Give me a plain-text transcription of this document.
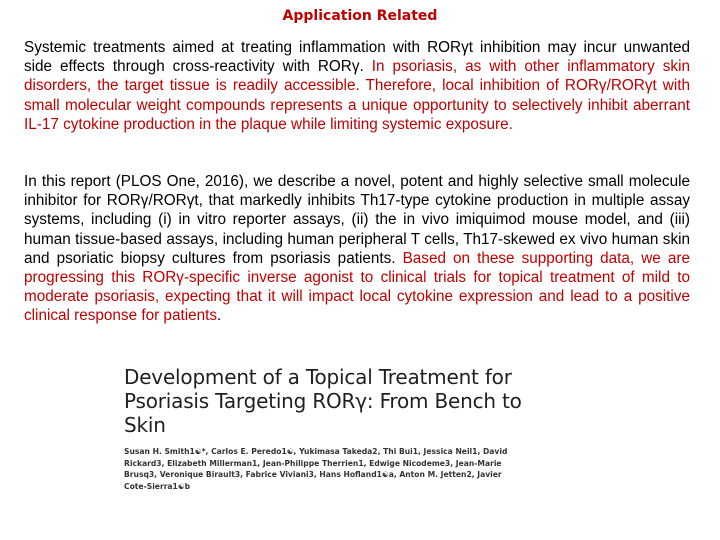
Application Related

Systemic treatments aimed at treating inflammation with RORγt inhibition may incur unwanted side effects through cross-reactivity with RORγ. In psoriasis, as with other inflammatory skin disorders, the target tissue is readily accessible. Therefore, local inhibition of RORγ/RORγt with small molecular weight compounds represents a unique opportunity to selectively inhibit aberrant IL-17 cytokine production in the plaque while limiting systemic exposure.

In this report (PLOS One, 2016), we describe a novel, potent and highly selective small molecule inhibitor for RORγ/RORγt, that markedly inhibits Th17-type cytokine production in multiple assay systems, including (i) in vitro reporter assays, (ii) the in vivo imiquimod mouse model, and (iii) human tissue-based assays, including human peripheral T cells, Th17-skewed ex vivo human skin and psoriatic biopsy cultures from psoriasis patients. Based on these supporting data, we are progressing this RORγ-specific inverse agonist to clinical trials for topical treatment of mild to moderate psoriasis, expecting that it will impact local cytokine expression and lead to a positive clinical response for patients.

Development of a Topical Treatment for
Psoriasis Targeting RORγ: From Bench to Skin

Susan H. Smith1☯*, Carlos E. Peredo1☯, Yukimasa Takeda2, Thi Bui1, Jessica Neil1, David Rickard3, Elizabeth Millerman1, Jean-Philippe Therrien1, Edwige Nicodeme3, Jean-Marie Brusq3, Veronique Birault3, Fabrice Viviani3, Hans Hofland1☯a, Anton M. Jetten2, Javier Cote-Sierra1☯b
